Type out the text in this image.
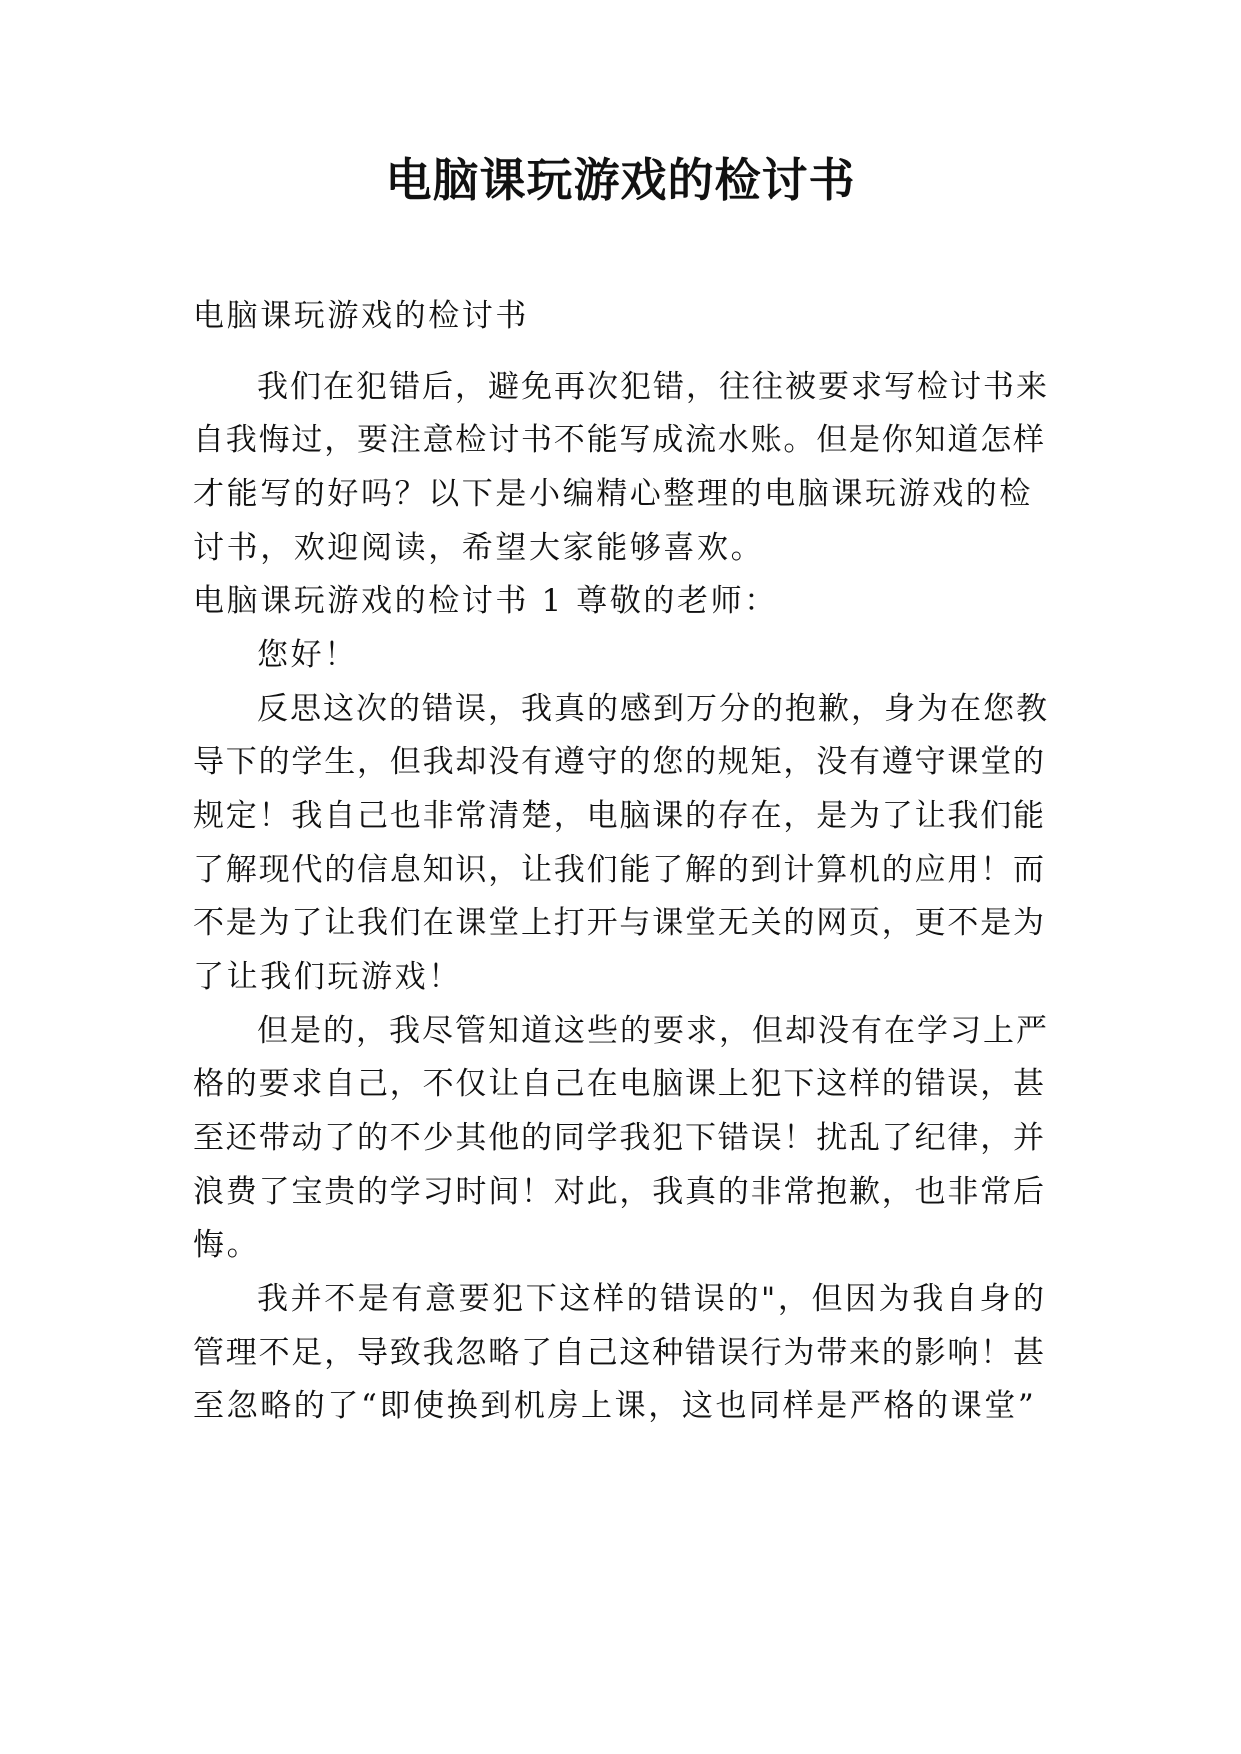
电脑课玩游戏的检讨书

电脑课玩游戏的检讨书

我们在犯错后，避免再次犯错，往往被要求写检讨书来

自我悔过，要注意检讨书不能写成流水账。但是你知道怎样

才能写的好吗？以下是小编精心整理的电脑课玩游戏的检

讨书，欢迎阅读，希望大家能够喜欢。

电脑课玩游戏的检讨书 1 尊敬的老师：

您好！

反思这次的错误，我真的感到万分的抱歉，身为在您教

导下的学生，但我却没有遵守的您的规矩，没有遵守课堂的

规定！我自己也非常清楚，电脑课的存在，是为了让我们能

了解现代的信息知识，让我们能了解的到计算机的应用！而

不是为了让我们在课堂上打开与课堂无关的网页，更不是为

了让我们玩游戏！

但是的，我尽管知道这些的要求，但却没有在学习上严

格的要求自己，不仅让自己在电脑课上犯下这样的错误，甚

至还带动了的不少其他的同学我犯下错误！扰乱了纪律，并

浪费了宝贵的学习时间！对此，我真的非常抱歉，也非常后

悔。

我并不是有意要犯下这样的错误的"，但因为我自身的

管理不足，导致我忽略了自己这种错误行为带来的影响！甚

至忽略的了“即使换到机房上课，这也同样是严格的课堂”
